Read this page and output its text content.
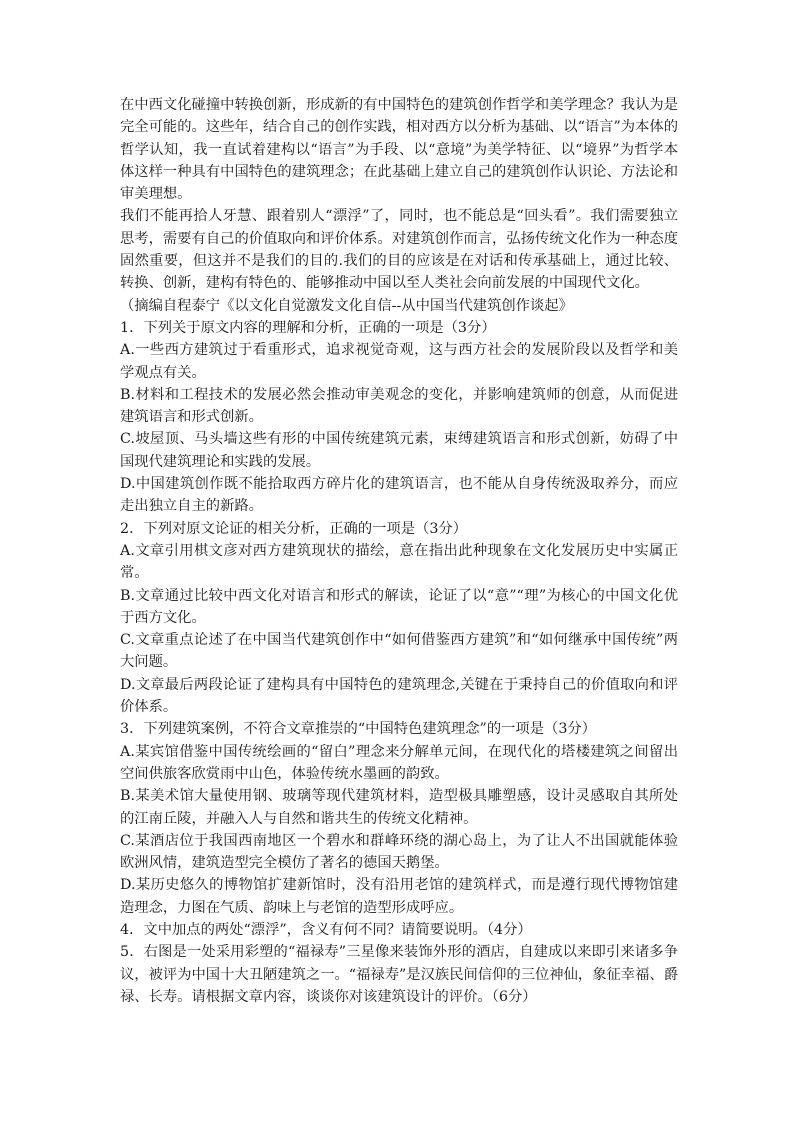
在中西文化碰撞中转换创新，形成新的有中国特色的建筑创作哲学和美学理念？我认为是完全可能的。这些年，结合自己的创作实践，相对西方以分析为基础、以“语言”为本体的哲学认知，我一直试着建构以“语言”为手段、以“意境”为美学特征、以“境界”为哲学本体这样一种具有中国特色的建筑理念；在此基础上建立自己的建筑创作认识论、方法论和审美理想。

我们不能再拾人牙慧、跟着别人“漂浮”了，同时，也不能总是“回头看”。我们需要独立思考，需要有自己的价值取向和评价体系。对建筑创作而言，弘扬传统文化作为一种态度固然重要，但这并不是我们的目的.我们的目的应该是在对话和传承基础上，通过比较、转换、创新，建构有特色的、能够推动中国以至人类社会向前发展的中国现代文化。

（摘编自程泰宁《以文化自觉激发文化自信--从中国当代建筑创作谈起》

1．下列关于原文内容的理解和分析，正确的一项是（3分）

A.一些西方建筑过于看重形式，追求视觉奇观，这与西方社会的发展阶段以及哲学和美学观点有关。

B.材料和工程技术的发展必然会推动审美观念的变化，并影响建筑师的创意，从而促进建筑语言和形式创新。

C.坡屋顶、马头墙这些有形的中国传统建筑元素，束缚建筑语言和形式创新，妨碍了中国现代建筑理论和实践的发展。

D.中国建筑创作既不能拾取西方碎片化的建筑语言，也不能从自身传统汲取养分，而应走出独立自主的新路。

2．下列对原文论证的相关分析，正确的一项是（3分）

A.文章引用棋文彦对西方建筑现状的描绘，意在指出此种现象在文化发展历史中实属正常。

B.文章通过比较中西文化对语言和形式的解读，论证了以“意”“理”为核心的中国文化优于西方文化。

C.文章重点论述了在中国当代建筑创作中“如何借鉴西方建筑”和“如何继承中国传统”两大问题。

D.文章最后两段论证了建构具有中国特色的建筑理念,关键在于秉持自己的价值取向和评价体系。

3．下列建筑案例，不符合文章推崇的“中国特色建筑理念”的一项是（3分）

A.某宾馆借鉴中国传统绘画的“留白”理念来分解单元间，在现代化的塔楼建筑之间留出空间供旅客欣赏雨中山色，体验传统水墨画的韵致。

B.某美术馆大量使用钢、玻璃等现代建筑材料，造型极具雕塑感，设计灵感取自其所处的江南丘陵，并融入人与自然和谐共生的传统文化精神。

C.某酒店位于我国西南地区一个碧水和群峰环绕的湖心岛上，为了让人不出国就能体验欧洲风情，建筑造型完全模仿了著名的德国天鹅堡。

D.某历史悠久的博物馆扩建新馆时，没有沿用老馆的建筑样式，而是遵行现代博物馆建造理念，力图在气质、韵味上与老馆的造型形成呼应。

4．文中加点的两处“漂浮”，含义有何不同？请简要说明。（4分）

5．右图是一处采用彩塑的“福禄寿”三星像来装饰外形的酒店，自建成以来即引来诸多争议，被评为中国十大丑陋建筑之一。“福禄寿”是汉族民间信仰的三位神仙，象征幸福、爵禄、长寿。请根据文章内容，谈谈你对该建筑设计的评价。（6分）
